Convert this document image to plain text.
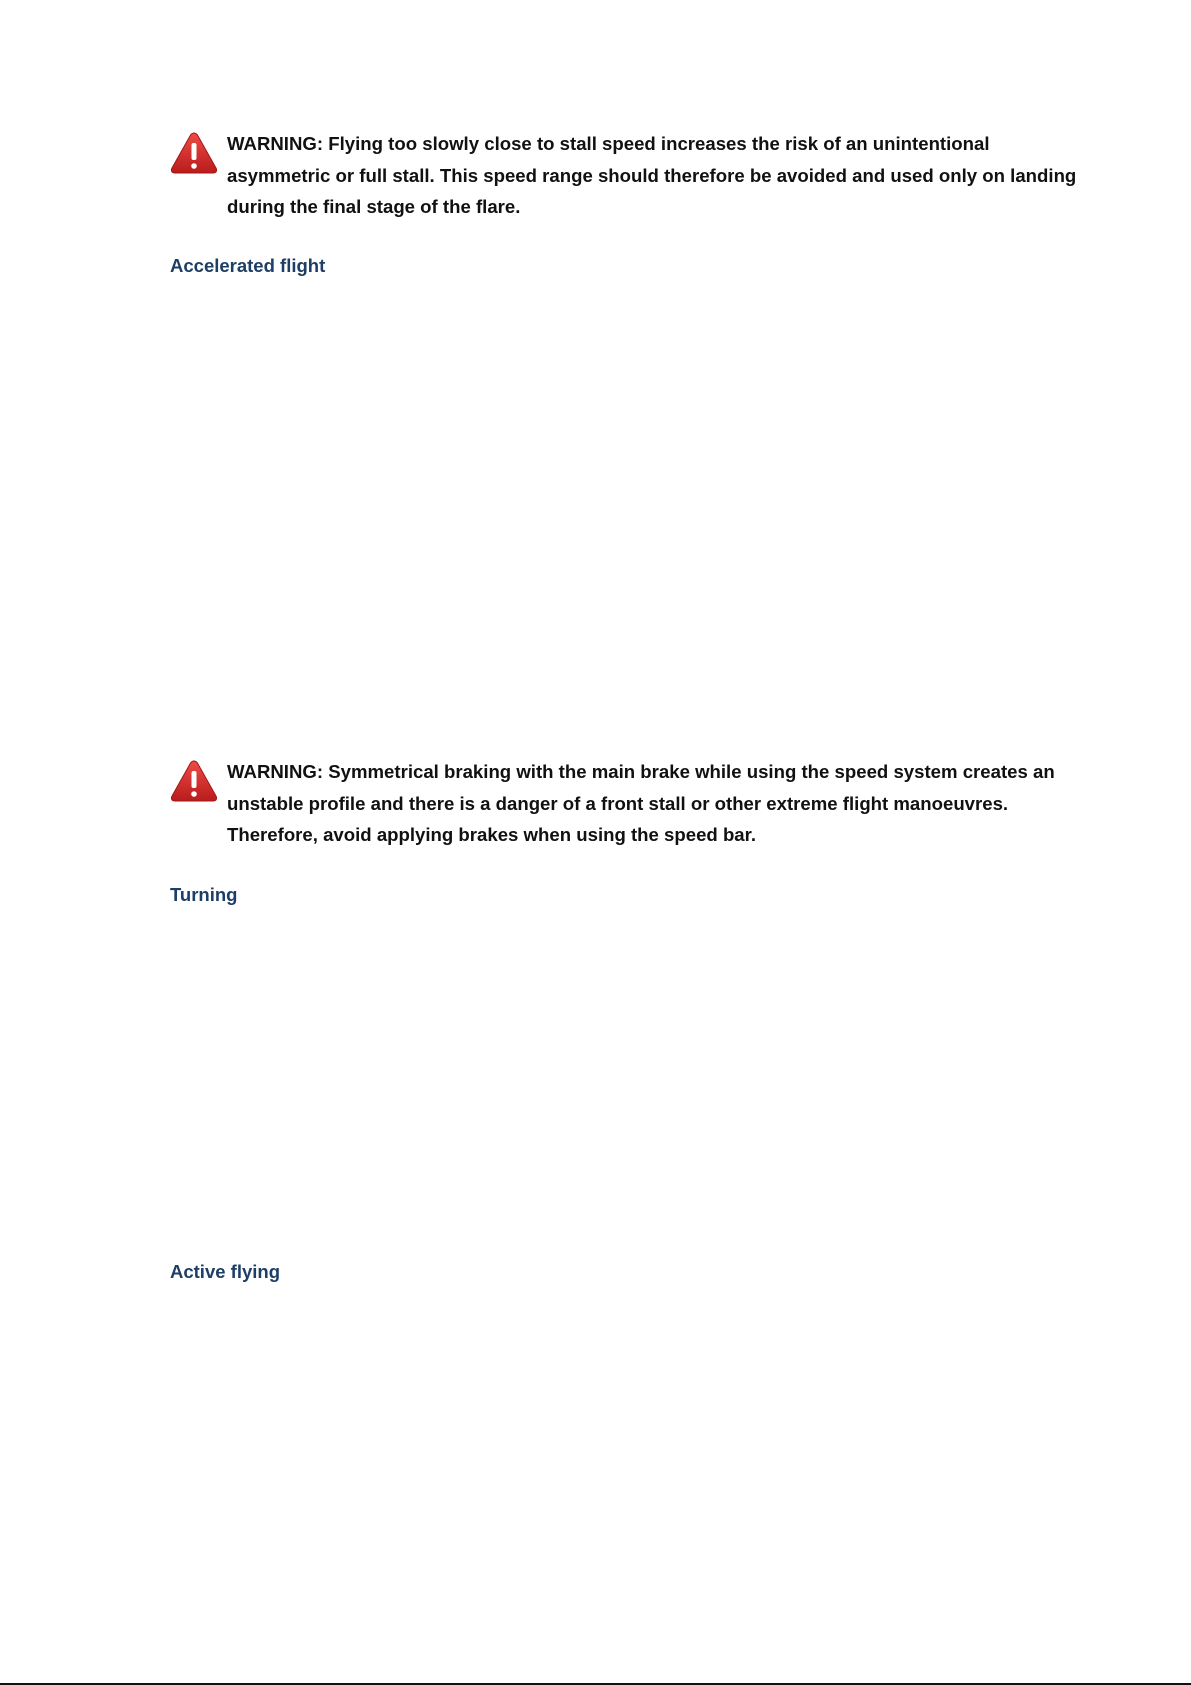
WARNING: Flying too slowly close to stall speed increases the risk of an unintentional asymmetric or full stall. This speed range should therefore be avoided and used only on landing during the final stage of the flare.
Accelerated flight
WARNING: Symmetrical braking with the main brake while using the speed system creates an unstable profile and there is a danger of a front stall or other extreme flight manoeuvres. Therefore, avoid applying brakes when using the speed bar.
Turning
Active flying
